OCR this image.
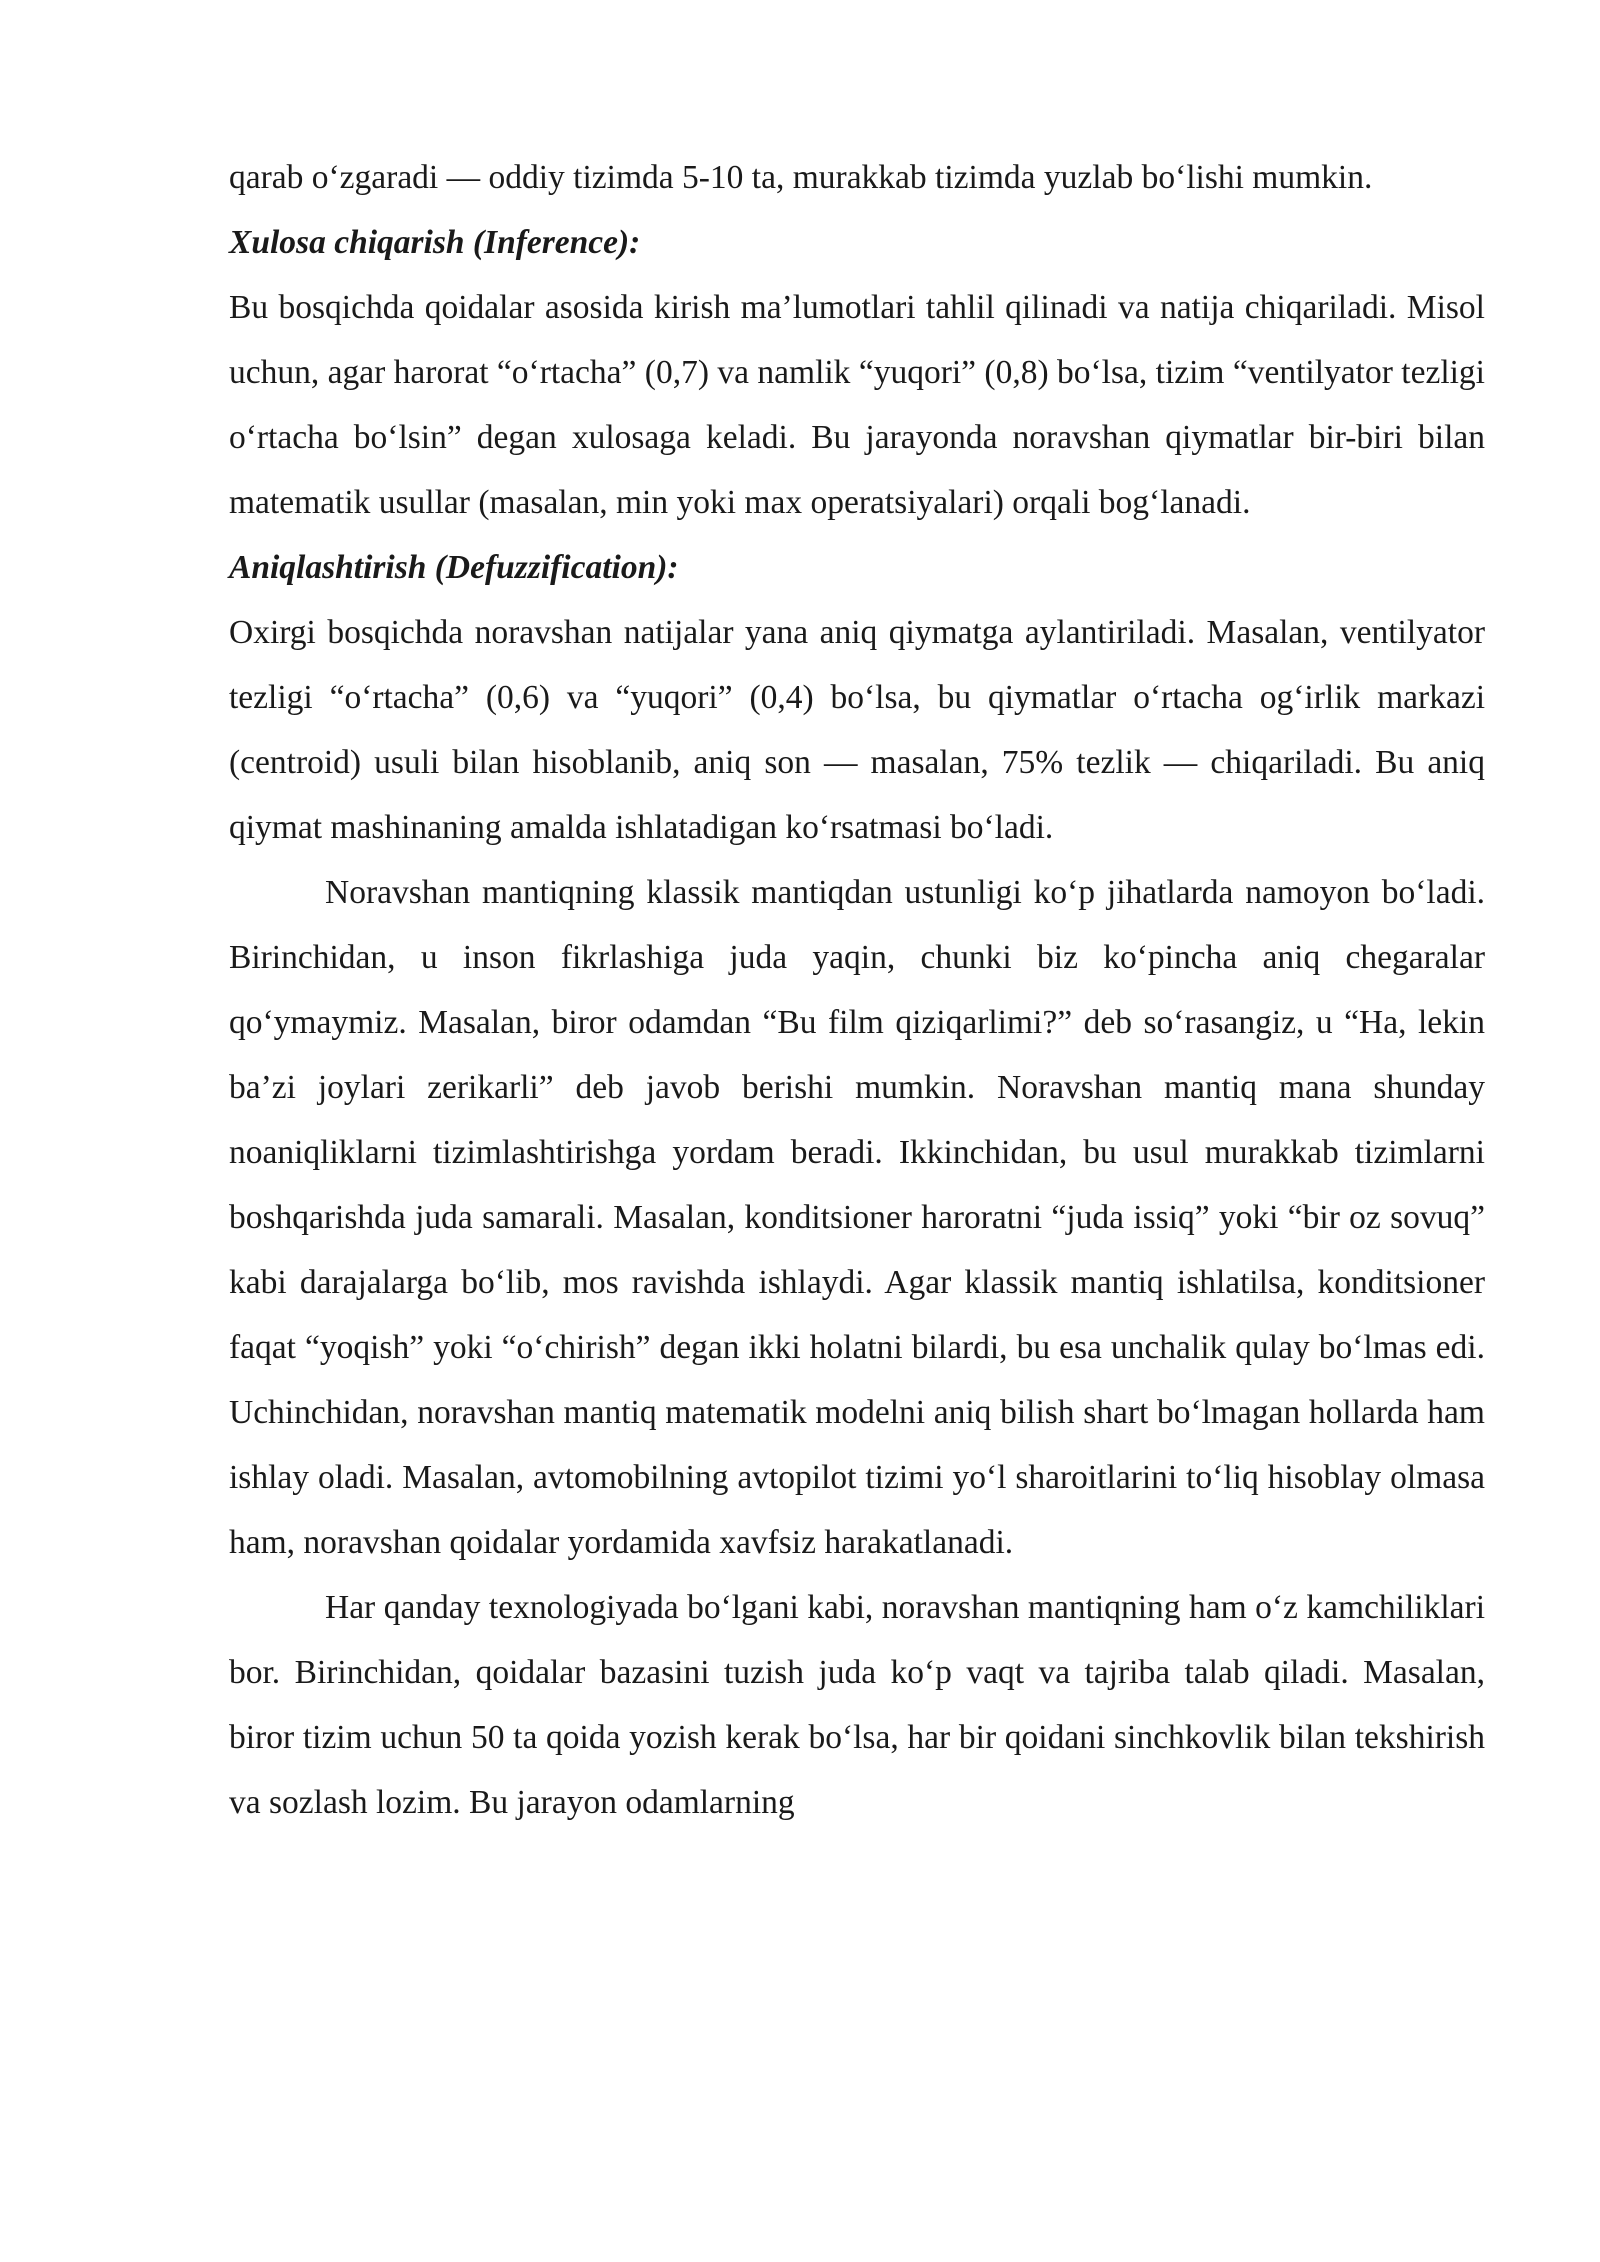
qarab o‘zgaradi — oddiy tizimda 5-10 ta, murakkab tizimda yuzlab bo‘lishi mumkin.

Xulosa chiqarish (Inference):

Bu bosqichda qoidalar asosida kirish ma’lumotlari tahlil qilinadi va natija chiqariladi. Misol uchun, agar harorat “o‘rtacha” (0,7) va namlik “yuqori” (0,8) bo‘lsa, tizim “ventilyator tezligi o‘rtacha bo‘lsin” degan xulosaga keladi. Bu jarayonda noravshan qiymatlar bir-biri bilan matematik usullar (masalan, min yoki max operatsiyalari) orqali bog‘lanadi.

Aniqlashtirish (Defuzzification):

Oxirgi bosqichda noravshan natijalar yana aniq qiymatga aylantiriladi. Masalan, ventilyator tezligi “o‘rtacha” (0,6) va “yuqori” (0,4) bo‘lsa, bu qiymatlar o‘rtacha og‘irlik markazi (centroid) usuli bilan hisoblanib, aniq son — masalan, 75% tezlik — chiqariladi. Bu aniq qiymat mashinaning amalda ishlatadigan ko‘rsatmasi bo‘ladi.

Noravshan mantiqning klassik mantiqdan ustunligi ko‘p jihatlarda namoyon bo‘ladi. Birinchidan, u inson fikrlashiga juda yaqin, chunki biz ko‘pincha aniq chegaralar qo‘ymaymiz. Masalan, biror odamdan “Bu film qiziqarlimi?” deb so‘rasangiz, u “Ha, lekin ba’zi joylari zerikarli” deb javob berishi mumkin. Noravshan mantiq mana shunday noaniqliklarni tizimlashtirishga yordam beradi. Ikkinchidan, bu usul murakkab tizimlarni boshqarishda juda samarali. Masalan, konditsioner haroratni “juda issiq” yoki “bir oz sovuq” kabi darajalarga bo‘lib, mos ravishda ishlaydi. Agar klassik mantiq ishlatilsa, konditsioner faqat “yoqish” yoki “o‘chirish” degan ikki holatni bilardi, bu esa unchalik qulay bo‘lmas edi. Uchinchidan, noravshan mantiq matematik modelni aniq bilish shart bo‘lmagan hollarda ham ishlay oladi. Masalan, avtomobilning avtopilot tizimi yo‘l sharoitlarini to‘liq hisoblay olmasa ham, noravshan qoidalar yordamida xavfsiz harakatlanadi.

Har qanday texnologiyada bo‘lgani kabi, noravshan mantiqning ham o‘z kamchiliklari bor. Birinchidan, qoidalar bazasini tuzish juda ko‘p vaqt va tajriba talab qiladi. Masalan, biror tizim uchun 50 ta qoida yozish kerak bo‘lsa, har bir qoidani sinchkovlik bilan tekshirish va sozlash lozim. Bu jarayon odamlarning
